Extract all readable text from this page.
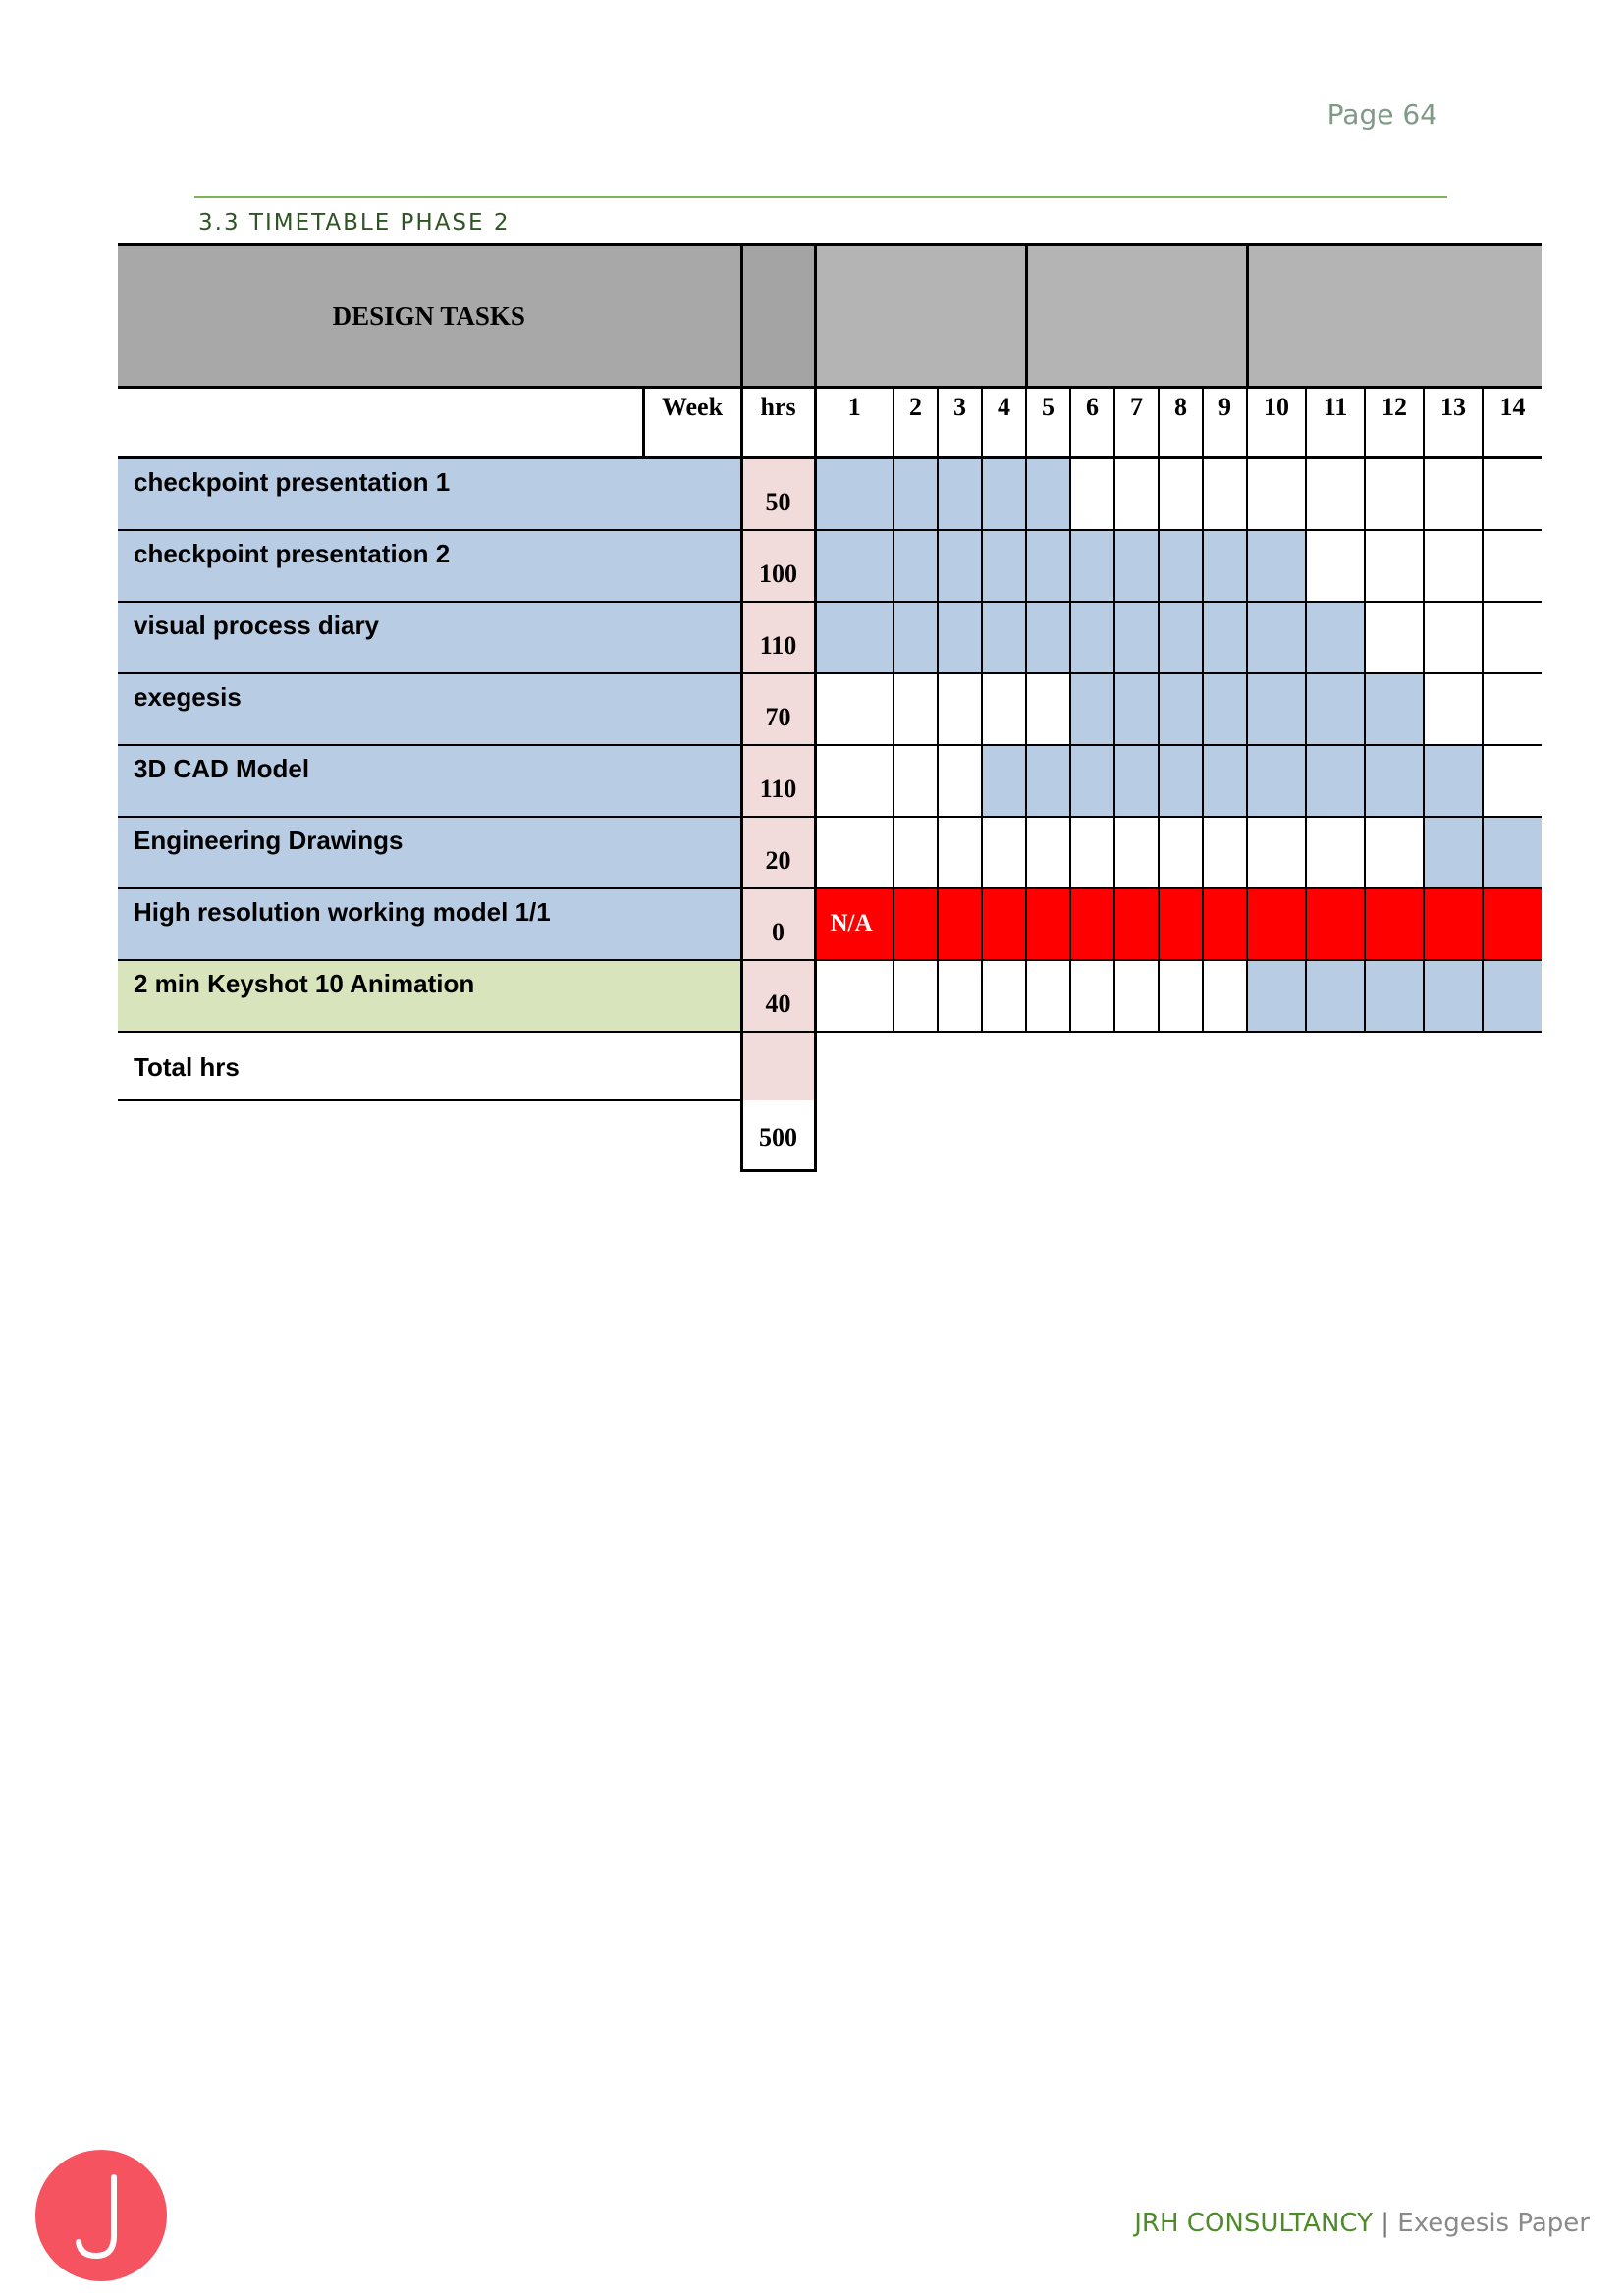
Page 64
3.3 TIMETABLE PHASE 2
DESIGN TASKS																
	Week	hrs	1	2	3	4	5	6	7	8	9	10	11	12	13	14
checkpoint presentation 1		50														
checkpoint presentation 2		100														
visual process diary		110														
exegesis		70														
3D CAD Model		110														
Engineering Drawings		20														
High resolution working model 1/1		0	N/A													
2 min Keyshot 10 Animation		40														
Total hrs																
		500														
JRH CONSULTANCY | Exegesis Paper
